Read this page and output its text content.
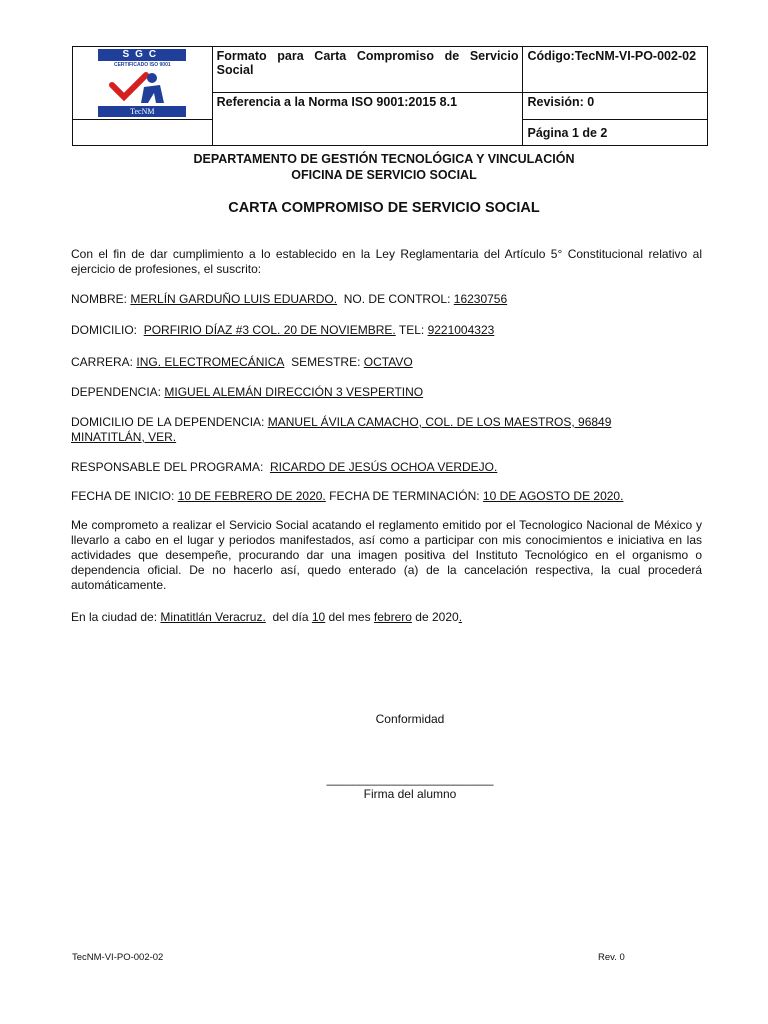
SGC
CERTIFICADO ISO 9001
TecNM	Formato para Carta Compromiso de Servicio Social	Código:TecNM-VI-PO-002-02
	Referencia a la Norma ISO 9001:2015 8.1	Revisión: 0
		Página 1 de 2
DEPARTAMENTO DE GESTIÓN TECNOLÓGICA Y VINCULACIÓN
OFICINA DE SERVICIO SOCIAL
CARTA COMPROMISO DE SERVICIO SOCIAL
Con el fin de dar cumplimiento a lo establecido en la Ley Reglamentaria del Artículo 5° Constitucional relativo al ejercicio de profesiones, el suscrito:
NOMBRE: MERLÍN GARDUÑO LUIS EDUARDO. NO. DE CONTROL: 16230756
DOMICILIO: PORFIRIO DÍAZ #3 COL. 20 DE NOVIEMBRE. TEL: 9221004323
CARRERA: ING. ELECTROMECÁNICA SEMESTRE: OCTAVO
DEPENDENCIA: MIGUEL ALEMÁN DIRECCIÓN 3 VESPERTINO
DOMICILIO DE LA DEPENDENCIA: MANUEL ÁVILA CAMACHO, COL. DE LOS MAESTROS, 96849
MINATITLÁN, VER.
RESPONSABLE DEL PROGRAMA: RICARDO DE JESÚS OCHOA VERDEJO.
FECHA DE INICIO: 10 DE FEBRERO DE 2020. FECHA DE TERMINACIÓN: 10 DE AGOSTO DE 2020.
Me comprometo a realizar el Servicio Social acatando el reglamento emitido por el Tecnologico Nacional de México y llevarlo a cabo en el lugar y periodos manifestados, así como a participar con mis conocimientos e iniciativa en las actividades que desempeñe, procurando dar una imagen positiva del Instituto Tecnológico en el organismo o dependencia oficial. De no hacerlo así, quedo enterado (a) de la cancelación respectiva, la cual procederá automáticamente.
En la ciudad de: Minatitlán Veracruz. del día 10 del mes febrero de 2020.
Conformidad
_________________________
Firma del alumno
TecNM-VI-PO-002-02	Rev. 0
